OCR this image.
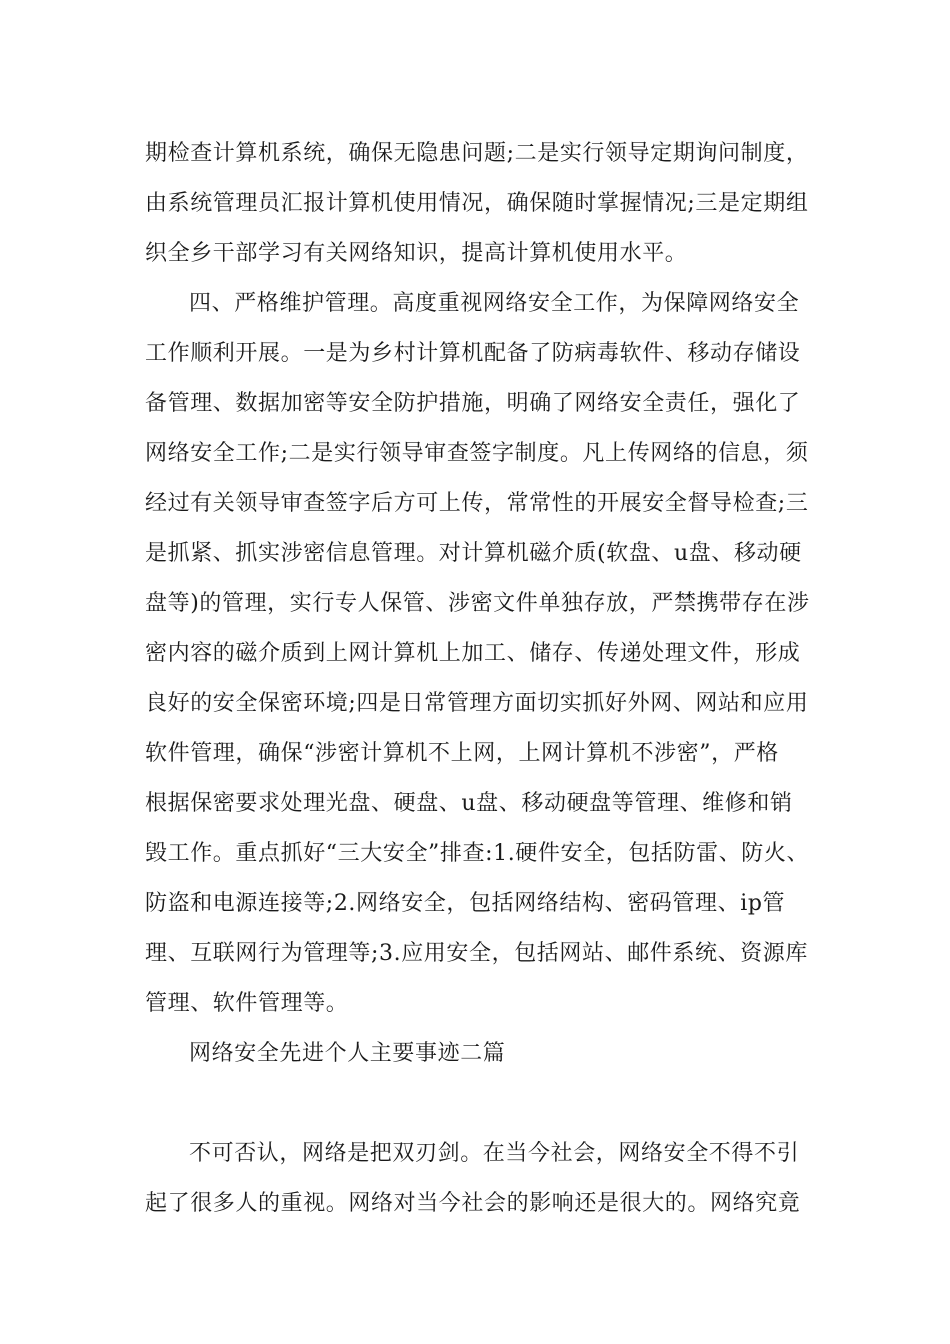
期检查计算机系统，确保无隐患问题;二是实行领导定期询问制度，
由系统管理员汇报计算机使用情况，确保随时掌握情况;三是定期组
织全乡干部学习有关网络知识，提高计算机使用水平。
四、严格维护管理。高度重视网络安全工作，为保障网络安全
工作顺利开展。一是为乡村计算机配备了防病毒软件、移动存储设
备管理、数据加密等安全防护措施，明确了网络安全责任，强化了
网络安全工作;二是实行领导审查签字制度。凡上传网络的信息，须
经过有关领导审查签字后方可上传，常常性的开展安全督导检查;三
是抓紧、抓实涉密信息管理。对计算机磁介质(软盘、u盘、移动硬
盘等)的管理，实行专人保管、涉密文件单独存放，严禁携带存在涉
密内容的磁介质到上网计算机上加工、储存、传递处理文件，形成
良好的安全保密环境;四是日常管理方面切实抓好外网、网站和应用
软件管理，确保“涉密计算机不上网，上网计算机不涉密”，严格
根据保密要求处理光盘、硬盘、u盘、移动硬盘等管理、维修和销
毁工作。重点抓好“三大安全”排查:1.硬件安全，包括防雷、防火、
防盗和电源连接等;2.网络安全，包括网络结构、密码管理、ip管
理、互联网行为管理等;3.应用安全，包括网站、邮件系统、资源库
管理、软件管理等。
网络安全先进个人主要事迹二篇
不可否认，网络是把双刃剑。在当今社会，网络安全不得不引
起了很多人的重视。网络对当今社会的影响还是很大的。网络究竟
